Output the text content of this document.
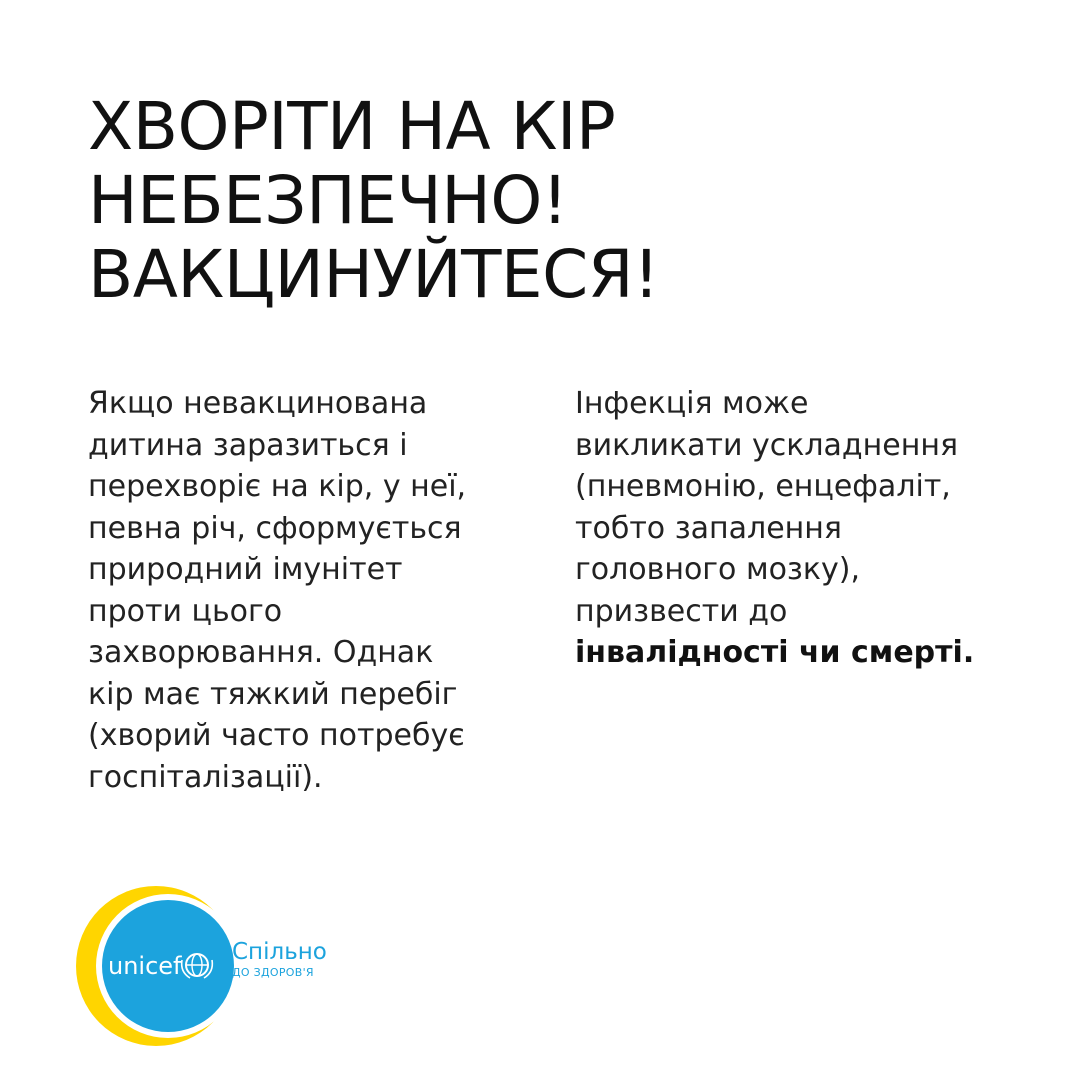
ХВОРІТИ НА КІР
НЕБЕЗПЕЧНО!
ВАКЦИНУЙТЕСЯ!
Якщо невакцинована
дитина заразиться і
перехворіє на кір, у неї,
певна річ, сформується
природний імунітет
проти цього
захворювання. Однак
кір має тяжкий перебіг
(хворий часто потребує
госпіталізації).
Інфекція може
викликати ускладнення
(пневмонію, енцефаліт,
тобто запалення
головного мозку),
призвести до
інвалідності чи смерті.
unicef Спільно
ДО ЗДОРОВ'Я
